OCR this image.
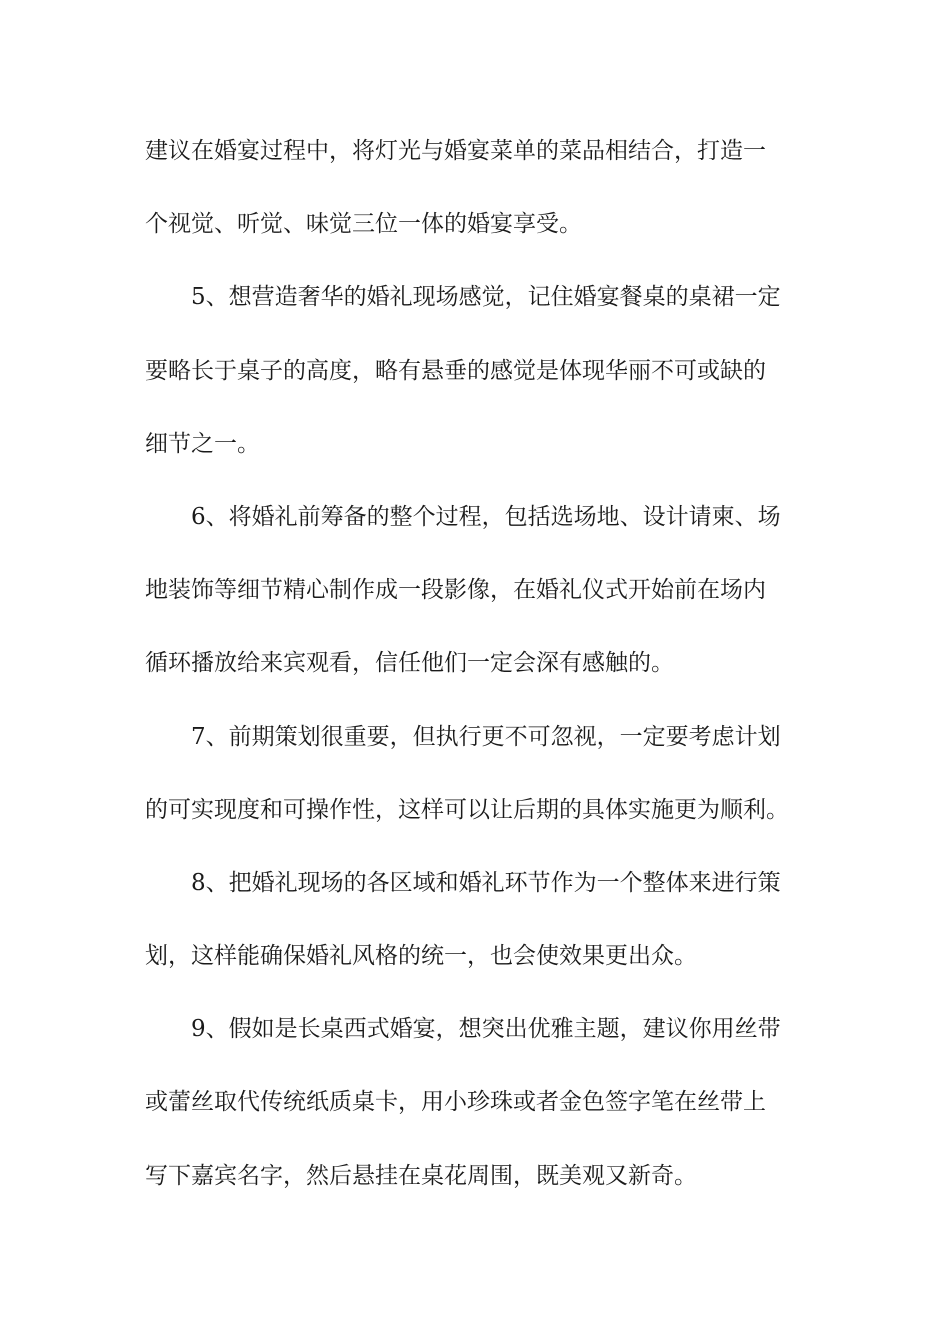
建议在婚宴过程中，将灯光与婚宴菜单的菜品相结合，打造一
个视觉、听觉、味觉三位一体的婚宴享受。
5、想营造奢华的婚礼现场感觉，记住婚宴餐桌的桌裙一定
要略长于桌子的高度，略有悬垂的感觉是体现华丽不可或缺的
细节之一。
6、将婚礼前筹备的整个过程，包括选场地、设计请柬、场
地装饰等细节精心制作成一段影像，在婚礼仪式开始前在场内
循环播放给来宾观看，信任他们一定会深有感触的。
7、前期策划很重要，但执行更不可忽视，一定要考虑计划
的可实现度和可操作性，这样可以让后期的具体实施更为顺利。
8、把婚礼现场的各区域和婚礼环节作为一个整体来进行策
划，这样能确保婚礼风格的统一，也会使效果更出众。
9、假如是长桌西式婚宴，想突出优雅主题，建议你用丝带
或蕾丝取代传统纸质桌卡，用小珍珠或者金色签字笔在丝带上
写下嘉宾名字，然后悬挂在桌花周围，既美观又新奇。
